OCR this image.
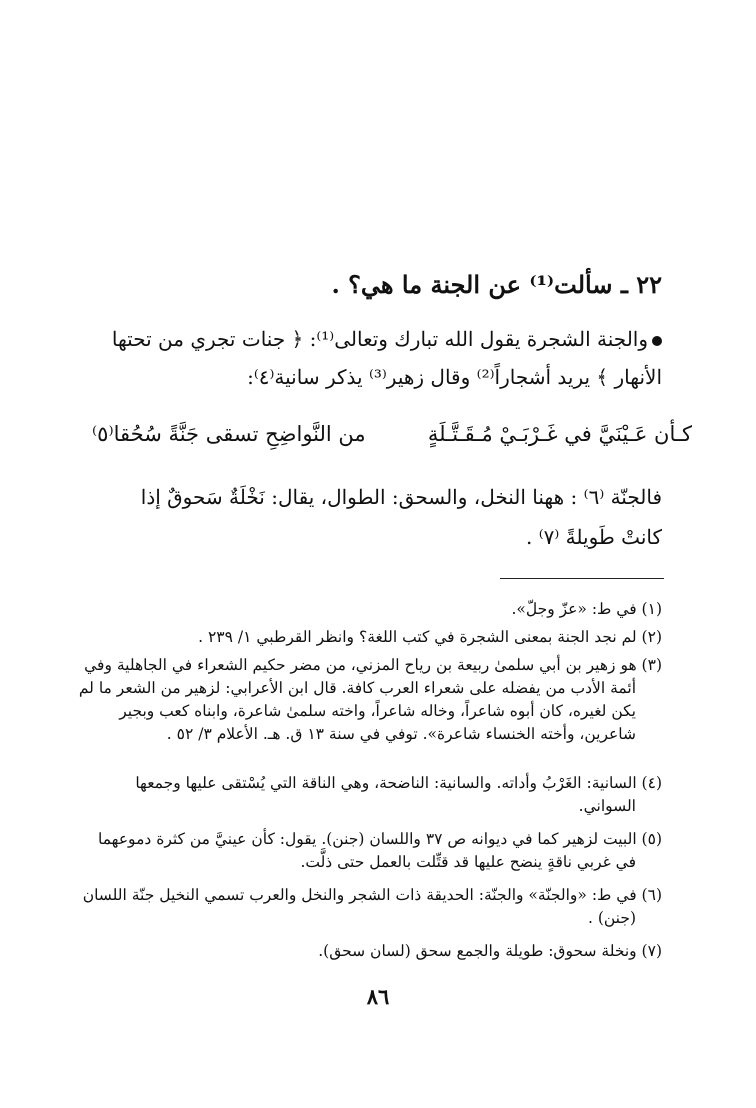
٢٢ ـ سألت⁽¹⁾ عن الجنة ما هي؟ .
والجنة الشجرة يقول الله تبارك وتعالى⁽¹⁾: ﴿ جنات تجري من تحتها
الأنهار ﴾ يريد أشجاراً⁽²⁾ وقال زهير⁽³⁾ يذكر سانية⁽٤⁾:
كـأن عَـيْنَيَّ في غَـرْبَـيْ مُـقَـتَّـلَةٍ
من النَّواضِحِ تسقى جَنَّةً سُحُقا⁽٥⁾
فالجنّة ⁽٦⁾ : ههنا النخل، والسحق: الطوال، يقال: نَخْلَةٌ سَحوقٌ إذا
كانتْ طَويلةً ⁽٧⁾ .

(١) في ط: «عزّ وجلّ».

(٢) لم نجد الجنة بمعنى الشجرة في كتب اللغة؟ وانظر القرطبي ١/ ٢٣٩ .

(٣) هو زهير بن أبي سلمىٰ ربيعة بن رياح المزني، من مضر حكيم الشعراء في الجاهلية وفي

أئمة الأدب من يفضله على شعراء العرب كافة. قال ابن الأعرابي: لزهير من الشعر ما لم

يكن لغيره، كان أبوه شاعراً، وخاله شاعراً، واخته سلمىٰ شاعرة، وابناه كعب وبجير

شاعرين، وأخته الخنساء شاعرة». توفي في سنة ١٣ ق. هـ. الأعلام ٣/ ٥٢ .

(٤) السانية: الغَرْبُ وأداته. والسانية: الناضحة، وهي الناقة التي يُسْتقى عليها وجمعها

السواني.

(٥) البيت لزهير كما في ديوانه ص ٣٧ واللسان (جنن). يقول: كأن عينيَّ من كثرة دموعهما

في غربي ناقةٍ ينضح عليها قد قتِّلت بالعمل حتى ذلَّت.

(٦) في ط: «والجنّة» والجنّة: الحديقة ذات الشجر والنخل والعرب تسمي النخيل جنّة اللسان

(جنن) .

(٧) ونخلة سحوق: طويلة والجمع سحق (لسان سحق).

٨٦
